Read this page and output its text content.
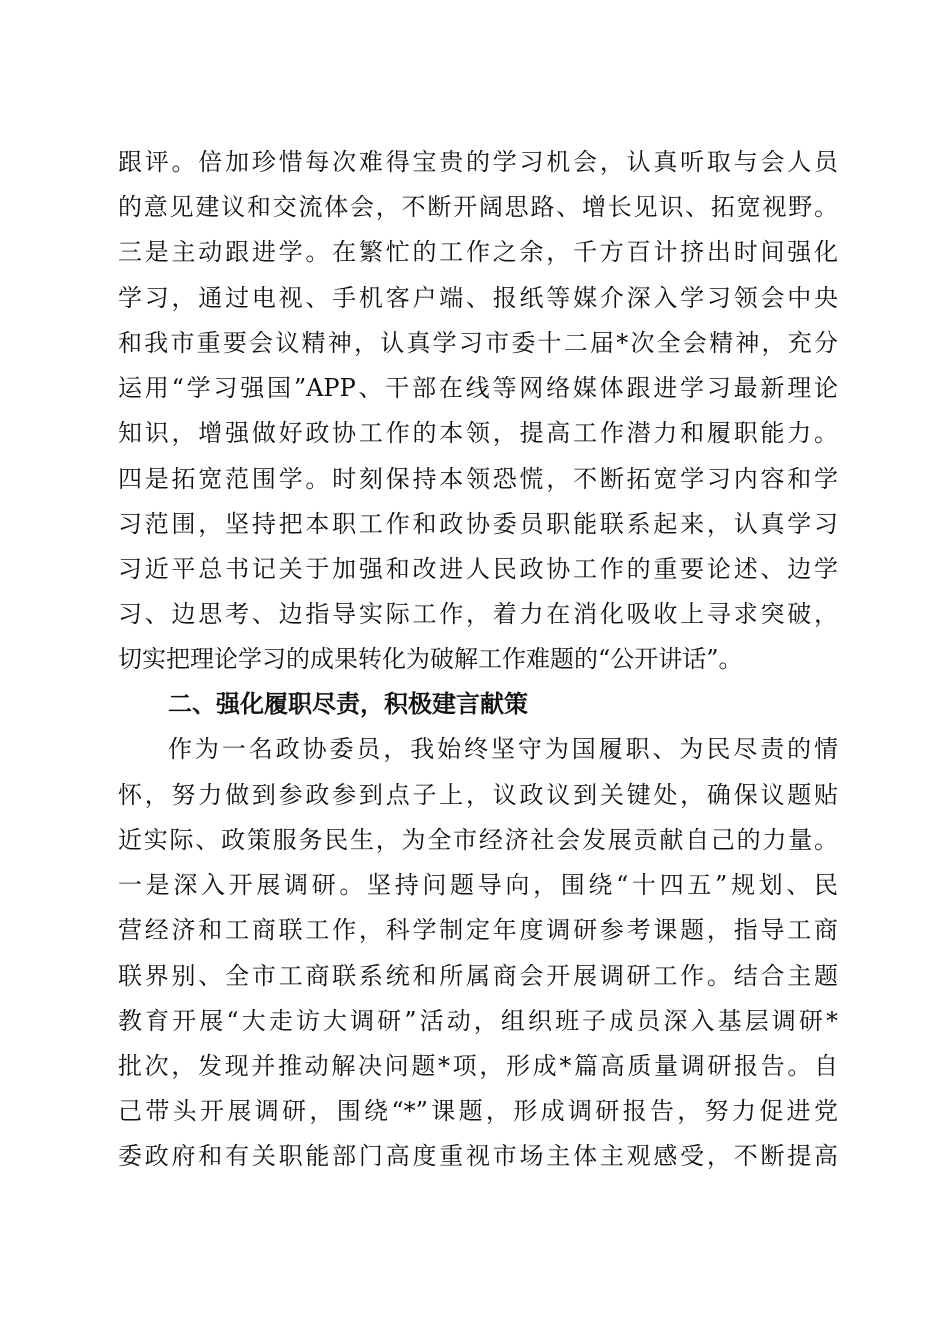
跟评。倍加珍惜每次难得宝贵的学习机会，认真听取与会人员
的意见建议和交流体会，不断开阔思路、增长见识、拓宽视野。
三是主动跟进学。在繁忙的工作之余，千方百计挤出时间强化
学习，通过电视、手机客户端、报纸等媒介深入学习领会中央
和我市重要会议精神，认真学习市委十二届*次全会精神，充分
运用“学习强国”APP、干部在线等网络媒体跟进学习最新理论
知识，增强做好政协工作的本领，提高工作潜力和履职能力。
四是拓宽范围学。时刻保持本领恐慌，不断拓宽学习内容和学
习范围，坚持把本职工作和政协委员职能联系起来，认真学习
习近平总书记关于加强和改进人民政协工作的重要论述、边学
习、边思考、边指导实际工作，着力在消化吸收上寻求突破，
切实把理论学习的成果转化为破解工作难题的“公开讲话”。
二、强化履职尽责，积极建言献策
作为一名政协委员，我始终坚守为国履职、为民尽责的情
怀，努力做到参政参到点子上，议政议到关键处，确保议题贴
近实际、政策服务民生，为全市经济社会发展贡献自己的力量。
一是深入开展调研。坚持问题导向，围绕“十四五”规划、民
营经济和工商联工作，科学制定年度调研参考课题，指导工商
联界别、全市工商联系统和所属商会开展调研工作。结合主题
教育开展“大走访大调研”活动，组织班子成员深入基层调研*
批次，发现并推动解决问题*项，形成*篇高质量调研报告。自
己带头开展调研，围绕“*”课题，形成调研报告，努力促进党
委政府和有关职能部门高度重视市场主体主观感受，不断提高
